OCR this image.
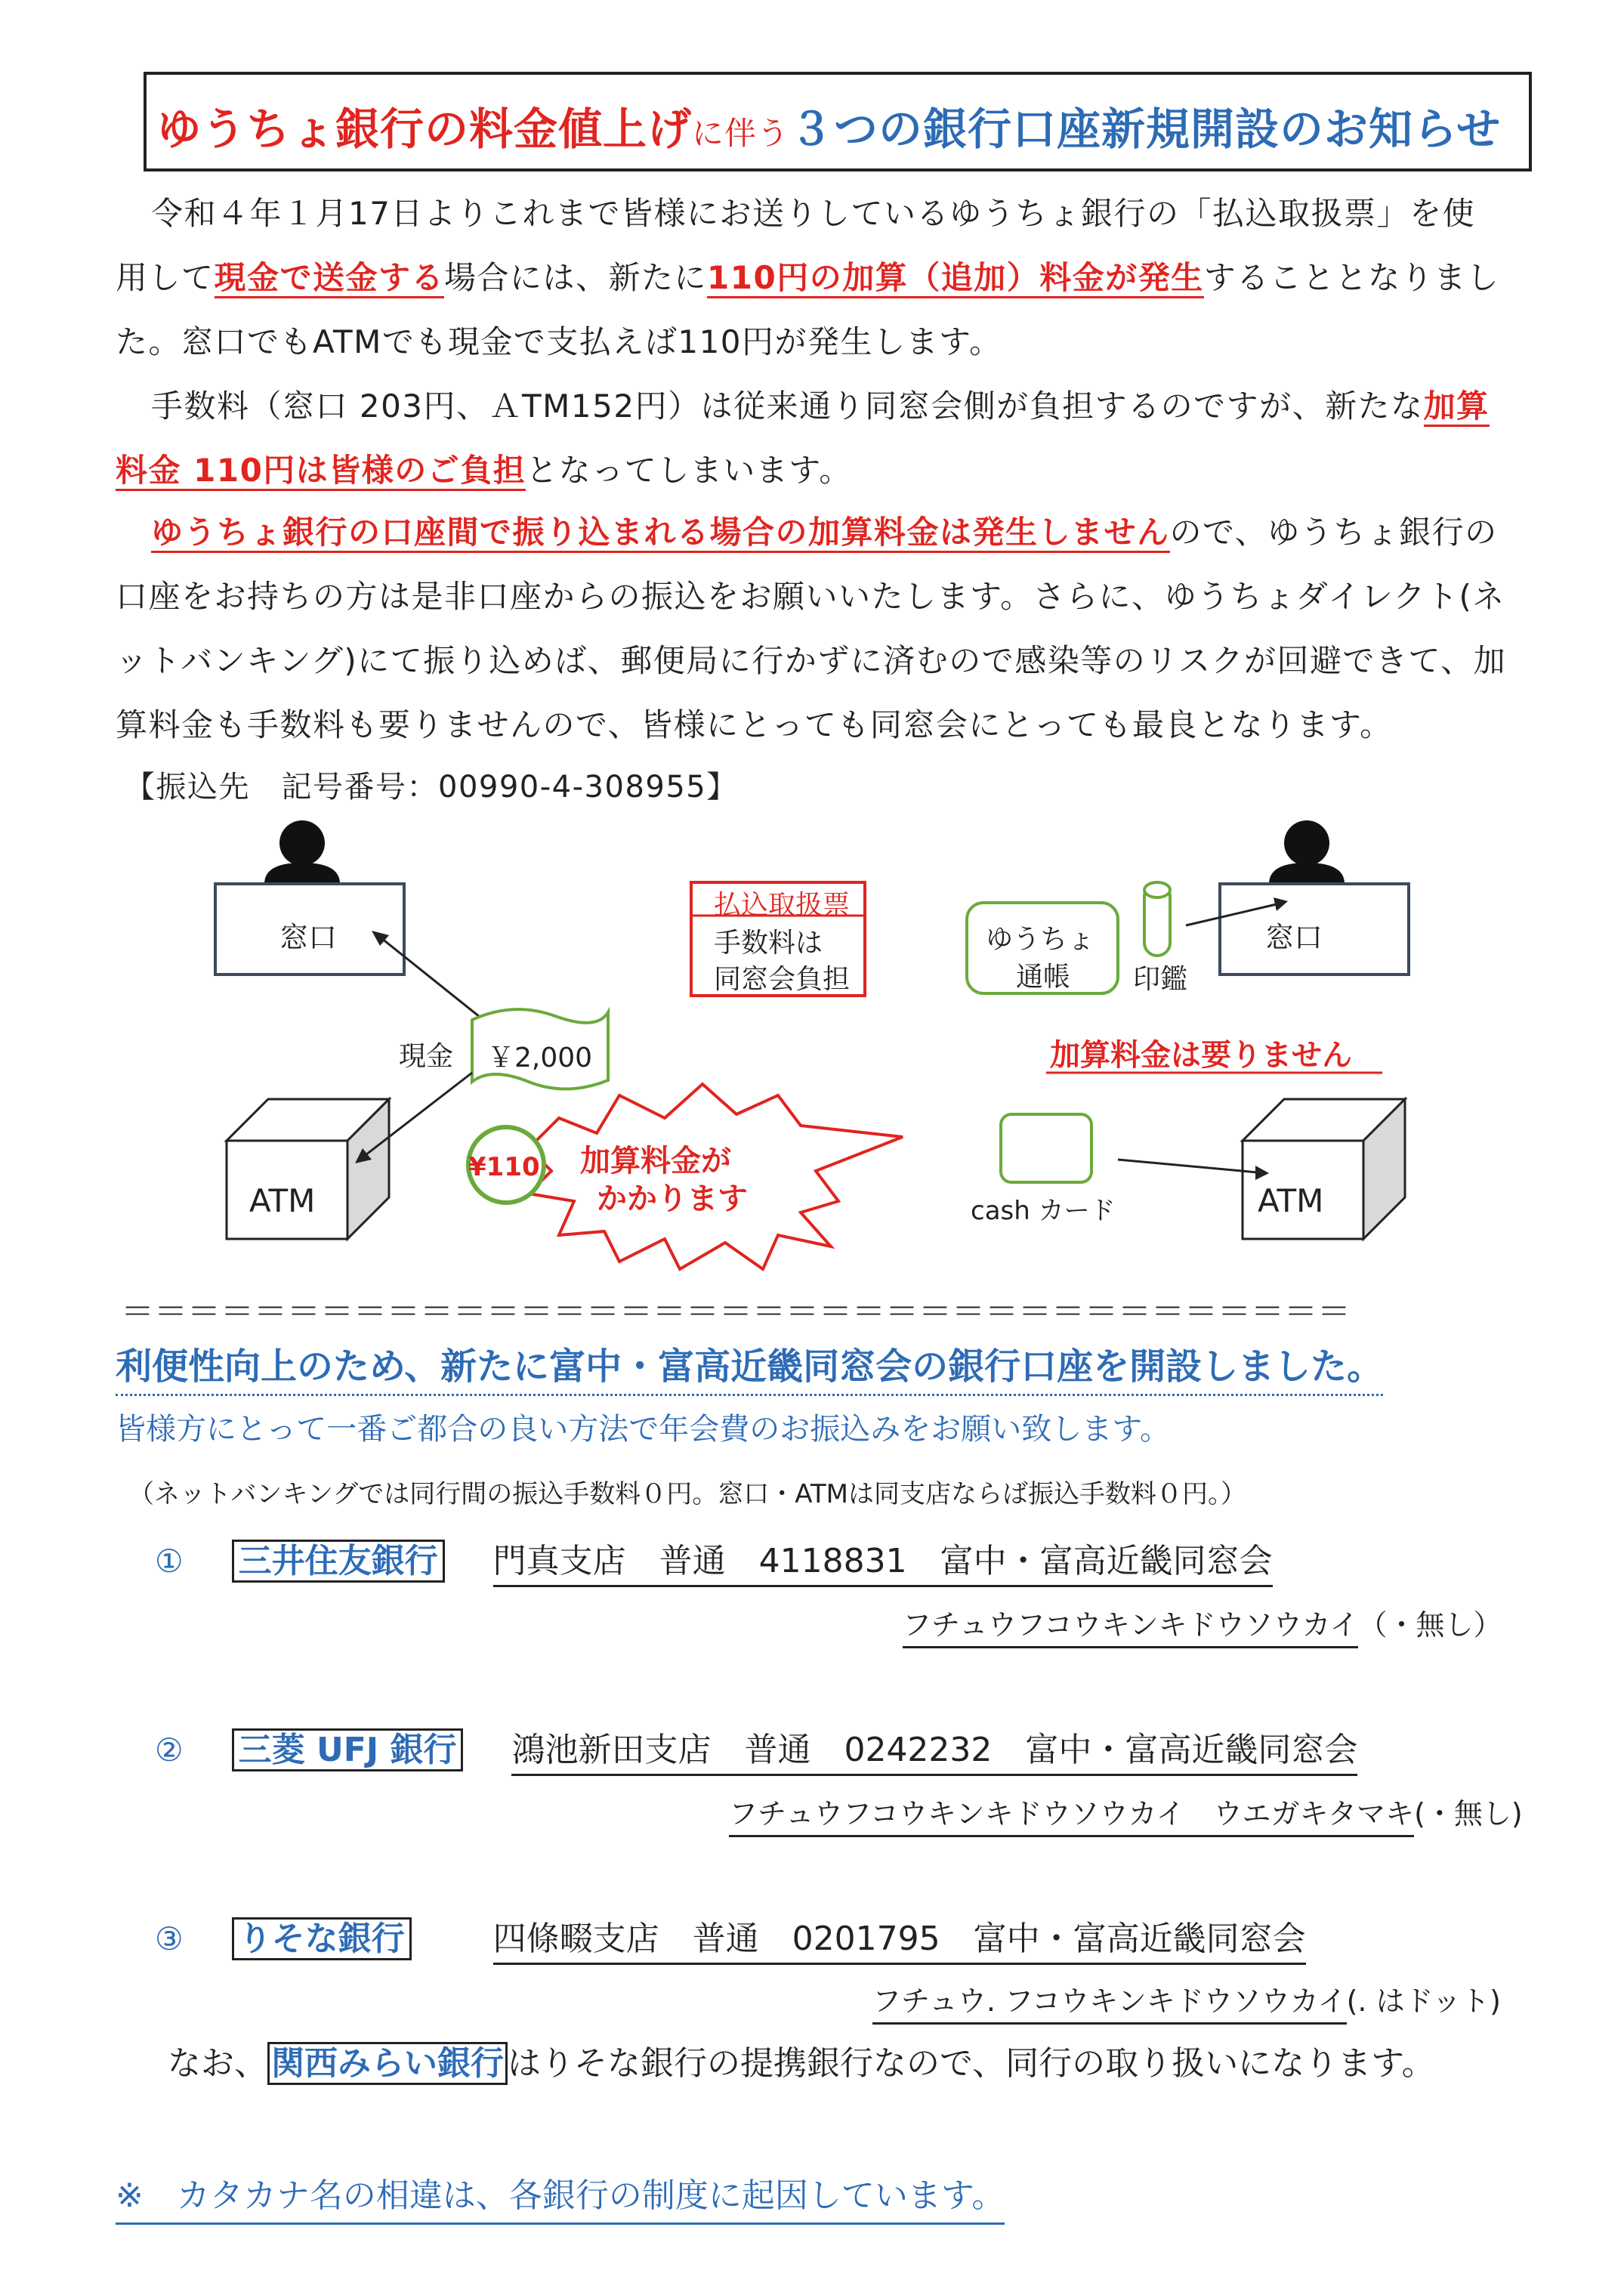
ゆうちょ銀行の料金値上げに伴う３つの銀行口座新規開設のお知らせ
令和４年１月17日よりこれまで皆様にお送りしているゆうちょ銀行の「払込取扱票」を使
用して現金で送金する場合には、新たに110円の加算（追加）料金が発生することとなりまし
た。窓口でもATMでも現金で支払えば110円が発生します。
手数料（窓口 203円、ＡTM152円）は従来通り同窓会側が負担するのですが、新たな加算
料金 110円は皆様のご負担となってしまいます。
ゆうちょ銀行の口座間で振り込まれる場合の加算料金は発生しませんので、ゆうちょ銀行の
口座をお持ちの方は是非口座からの振込をお願いいたします。さらに、ゆうちょダイレクト(ネ
ットバンキング)にて振り込めば、郵便局に行かずに済むので感染等のリスクが回避できて、加
算料金も手数料も要りませんので、皆様にとっても同窓会にとっても最良となります。
【振込先　記号番号：00990-4-308955】
窓口
払込取扱票
手数料は
同窓会負担
現金 ￥2,000
ATM
¥110 加算料金が
かかります
ゆうちょ
通帳 印鑑
窓口
加算料金は要りません
cash カード	ATM
＝＝＝＝＝＝＝＝＝＝＝＝＝＝＝＝＝＝＝＝＝＝＝＝＝＝＝＝＝＝＝＝＝＝＝＝＝
利便性向上のため、新たに富中・富高近畿同窓会の銀行口座を開設しました。
皆様方にとって一番ご都合の良い方法で年会費のお振込みをお願い致します。
（ネットバンキングでは同行間の振込手数料０円。窓口・ATMは同支店ならば振込手数料０円。）
① 三井住友銀行 門真支店　普通　4118831　富中・富高近畿同窓会
フチュウフコウキンキドウソウカイ（・無し）
② 三菱 UFJ 銀行 鴻池新田支店　普通　0242232　富中・富高近畿同窓会
フチュウフコウキンキドウソウカイ　ウエガキタマキ(・無し)
③ りそな銀行	四條畷支店　普通　0201795　富中・富高近畿同窓会
フチュウ. フコウキンキドウソウカイ(. はドット)
なお、 関西みらい銀行 はりそな銀行の提携銀行なので、同行の取り扱いになります。
※　カタカナ名の相違は、各銀行の制度に起因しています。
